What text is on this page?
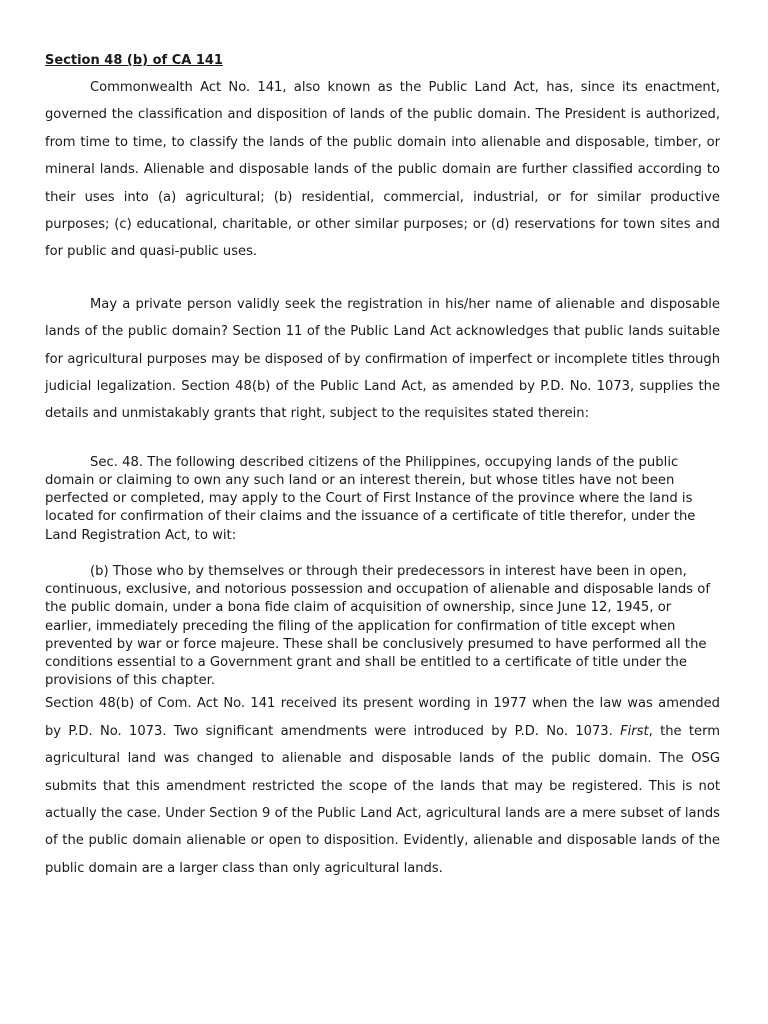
Section 48 (b) of CA 141

Commonwealth Act No. 141, also known as the Public Land Act, has, since its enactment, governed the classification and disposition of lands of the public domain. The President is authorized, from time to time, to classify the lands of the public domain into alienable and disposable, timber, or mineral lands. Alienable and disposable lands of the public domain are further classified according to their uses into (a) agricultural; (b) residential, commercial, industrial, or for similar productive purposes; (c) educational, charitable, or other similar purposes; or (d) reservations for town sites and for public and quasi-public uses.

May a private person validly seek the registration in his/her name of alienable and disposable lands of the public domain? Section 11 of the Public Land Act acknowledges that public lands suitable for agricultural purposes may be disposed of by confirmation of imperfect or incomplete titles through judicial legalization. Section 48(b) of the Public Land Act, as amended by P.D. No. 1073, supplies the details and unmistakably grants that right, subject to the requisites stated therein:

Sec. 48. The following described citizens of the Philippines, occupying lands of the public domain or claiming to own any such land or an interest therein, but whose titles have not been perfected or completed, may apply to the Court of First Instance of the province where the land is located for confirmation of their claims and the issuance of a certificate of title therefor, under the Land Registration Act, to wit:

(b) Those who by themselves or through their predecessors in interest have been in open, continuous, exclusive, and notorious possession and occupation of alienable and disposable lands of the public domain, under a bona fide claim of acquisition of ownership, since June 12, 1945, or earlier, immediately preceding the filing of the application for confirmation of title except when prevented by war or force majeure. These shall be conclusively presumed to have performed all the conditions essential to a Government grant and shall be entitled to a certificate of title under the provisions of this chapter.

Section 48(b) of Com. Act No. 141 received its present wording in 1977 when the law was amended by P.D. No. 1073. Two significant amendments were introduced by P.D. No. 1073. First, the term agricultural land was changed to alienable and disposable lands of the public domain. The OSG submits that this amendment restricted the scope of the lands that may be registered. This is not actually the case. Under Section 9 of the Public Land Act, agricultural lands are a mere subset of lands of the public domain alienable or open to disposition. Evidently, alienable and disposable lands of the public domain are a larger class than only agricultural lands.
